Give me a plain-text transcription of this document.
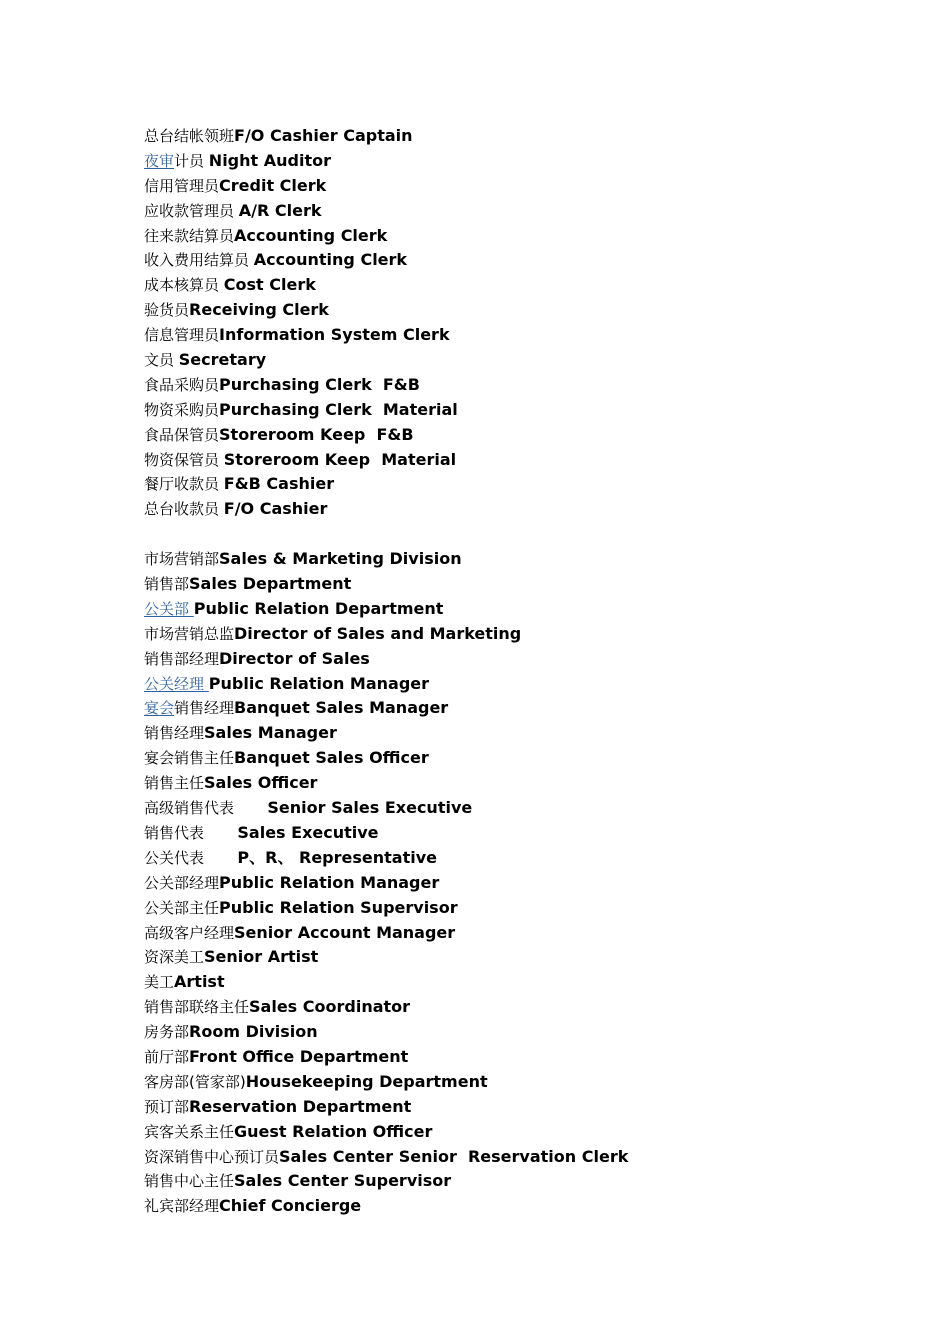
总台结帐领班F/O Cashier Captain
夜审计员 Night Auditor
信用管理员Credit Clerk
应收款管理员 A/R Clerk
往来款结算员Accounting Clerk
收入费用结算员 Accounting Clerk
成本核算员 Cost Clerk
验货员Receiving Clerk
信息管理员Information System Clerk
文员 Secretary
食品采购员Purchasing Clerk  F&B
物资采购员Purchasing Clerk  Material
食品保管员Storeroom Keep  F&B
物资保管员 Storeroom Keep  Material
餐厅收款员 F&B Cashier
总台收款员 F/O Cashier
市场营销部Sales & Marketing Division
销售部Sales Department
公关部 Public Relation Department
市场营销总监Director of Sales and Marketing
销售部经理Director of Sales
公关经理 Public Relation Manager
宴会销售经理Banquet Sales Manager
销售经理Sales Manager
宴会销售主任Banquet Sales Officer
销售主任Sales Officer
高级销售代表       Senior Sales Executive
销售代表       Sales Executive
公关代表       P、R、 Representative
公关部经理Public Relation Manager
公关部主任Public Relation Supervisor
高级客户经理Senior Account Manager
资深美工Senior Artist
美工Artist
销售部联络主任Sales Coordinator
房务部Room Division
前厅部Front Office Department
客房部(管家部)Housekeeping Department
预订部Reservation Department
宾客关系主任Guest Relation Officer
资深销售中心预订员Sales Center Senior  Reservation Clerk
销售中心主任Sales Center Supervisor
礼宾部经理Chief Concierge
